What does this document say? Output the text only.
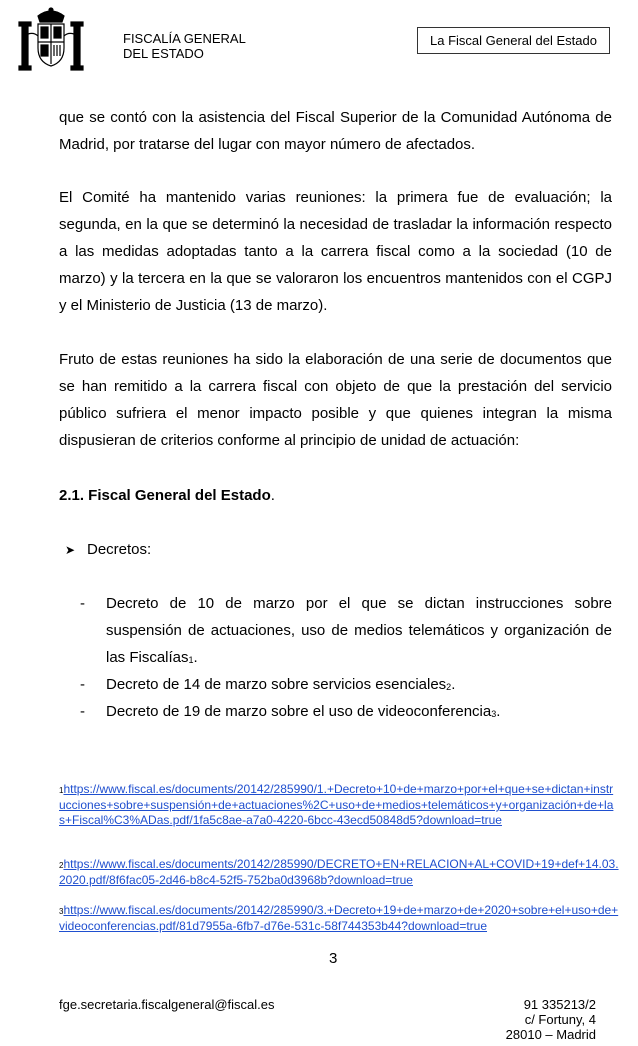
FISCALÍA GENERAL
DEL ESTADO
La Fiscal General del Estado
que se contó con la asistencia del Fiscal Superior de la Comunidad Autónoma de Madrid, por tratarse del lugar con mayor número de afectados.
El Comité ha mantenido varias reuniones: la primera fue de evaluación; la segunda, en la que se determinó la necesidad de trasladar la información respecto a las medidas adoptadas tanto a la carrera fiscal como a la sociedad (10 de marzo) y la tercera en la que se valoraron los encuentros mantenidos con el CGPJ y el Ministerio de Justicia (13 de marzo).
Fruto de estas reuniones ha sido la elaboración de una serie de documentos que se han remitido a la carrera fiscal con objeto de que la prestación del servicio público sufriera el menor impacto posible y que quienes integran la misma dispusieran de criterios conforme al principio de unidad de actuación:
2.1. Fiscal General del Estado.
➤ Decretos:
- Decreto de 10 de marzo por el que se dictan instrucciones sobre suspensión de actuaciones, uso de medios telemáticos y organización de las Fiscalías$_1$.
- Decreto de 14 de marzo sobre servicios esenciales$_2$.
- Decreto de 19 de marzo sobre el uso de videoconferencia$_3$.
1https://www.fiscal.es/documents/20142/285990/1.+Decreto+10+de+marzo+por+el+que+se+dictan+instrucciones+sobre+suspensión+de+actuaciones%2C+uso+de+medios+telemáticos+y+organización+de+las+Fiscal%C3%ADas.pdf/1fa5c8ae-a7a0-4220-6bcc-43ecd50848d5?download=true
2https://www.fiscal.es/documents/20142/285990/DECRETO+EN+RELACION+AL+COVID+19+def+14.03.2020.pdf/8f6fac05-2d46-b8c4-52f5-752ba0d3968b?download=true
3https://www.fiscal.es/documents/20142/285990/3.+Decreto+19+de+marzo+de+2020+sobre+el+uso+de+videoconferencias.pdf/81d7955a-6fb7-d76e-531c-58f744353b44?download=true
3
fge.secretaria.fiscalgeneral@fiscal.es	91 335213/2
c/ Fortuny, 4
28010 – Madrid
